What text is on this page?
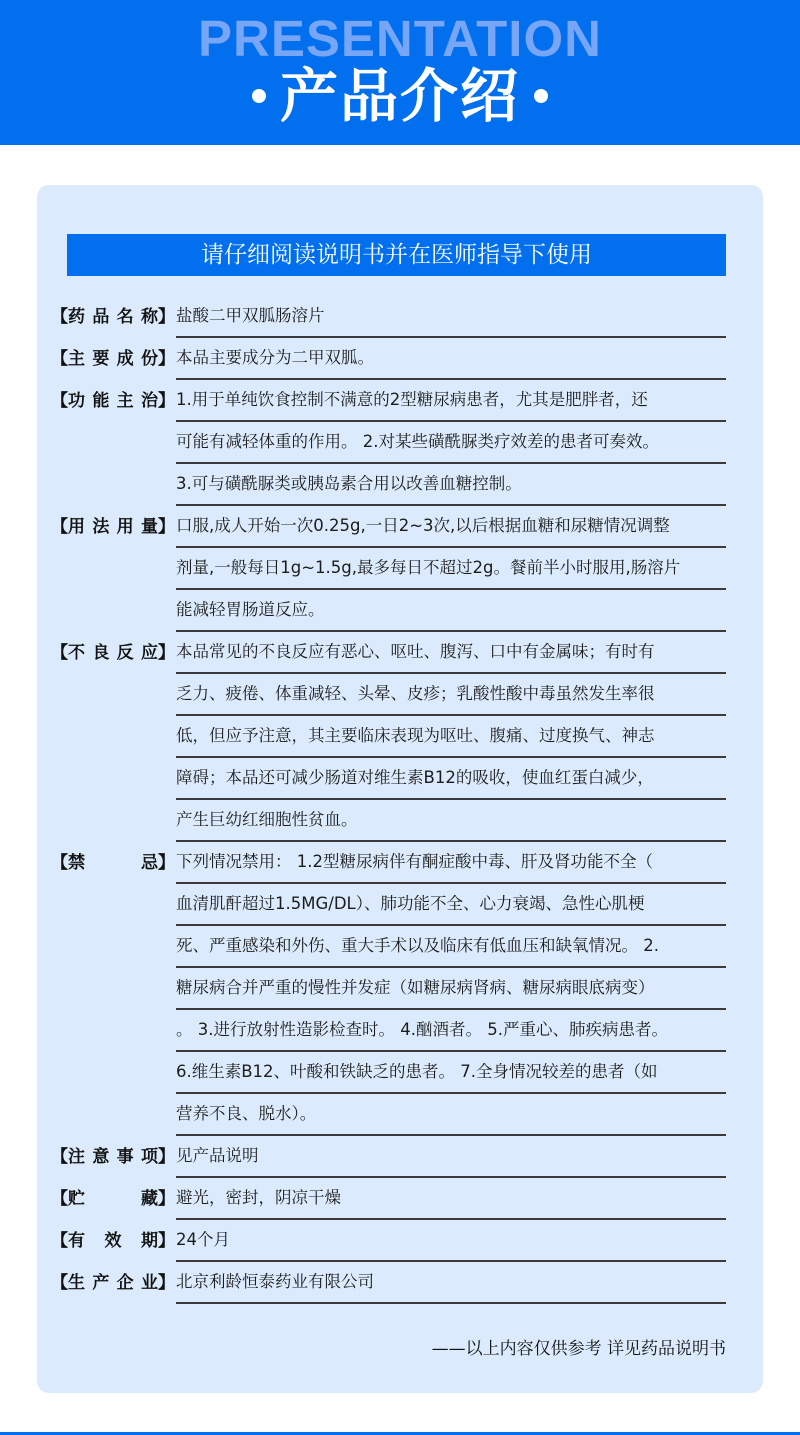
PRESENTATION
产品介绍
请仔细阅读说明书并在医师指导下使用
【 药 品 名 称 】 盐酸二甲双胍肠溶片
【 主 要 成 份 】 本品主要成分为二甲双胍。
【 功 能 主 治 】 1.用于单纯饮食控制不满意的2型糖尿病患者，尤其是肥胖者，还
可能有减轻体重的作用。 2.对某些磺酰脲类疗效差的患者可奏效。
3.可与磺酰脲类或胰岛素合用以改善血糖控制。
【 用 法 用 量 】 口服,成人开始一次0.25g,一日2~3次,以后根据血糖和尿糖情况调整
剂量,一般每日1g~1.5g,最多每日不超过2g。餐前半小时服用,肠溶片
能减轻胃肠道反应。
【 不 良 反 应 】 本品常见的不良反应有恶心、呕吐、腹泻、口中有金属味；有时有
乏力、疲倦、体重减轻、头晕、皮疹；乳酸性酸中毒虽然发生率很
低，但应予注意，其主要临床表现为呕吐、腹痛、过度换气、神志
障碍；本品还可减少肠道对维生素B12的吸收，使血红蛋白减少，
产生巨幼红细胞性贫血。
【 禁	忌 】 下列情况禁用： 1.2型糖尿病伴有酮症酸中毒、肝及肾功能不全（
血清肌酐超过1.5MG/DL）、肺功能不全、心力衰竭、急性心肌梗
死、严重感染和外伤、重大手术以及临床有低血压和缺氧情况。 2.
糖尿病合并严重的慢性并发症（如糖尿病肾病、糖尿病眼底病变）
。 3.进行放射性造影检查时。 4.酗酒者。 5.严重心、肺疾病患者。
6.维生素B12、叶酸和铁缺乏的患者。 7.全身情况较差的患者（如
营养不良、脱水）。
【 注 意 事 项 】 见产品说明
【 贮	藏 】 避光，密封，阴凉干燥
【 有 效 期 】 24个月
【 生 产 企 业 】 北京利龄恒泰药业有限公司
——以上内容仅供参考 详见药品说明书
